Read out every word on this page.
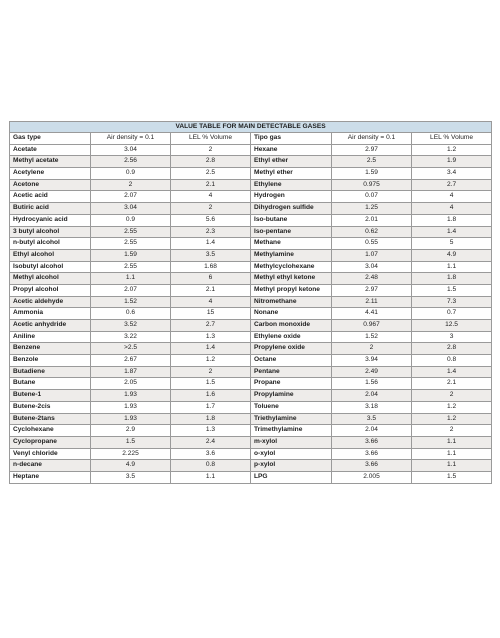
VALUE TABLE FOR MAIN DETECTABLE GASES					
Gas type	Air density = 0.1	LEL % Volume	Tipo gas	Air density = 0.1	LEL % Volume
Acetate	3.04	2	Hexane	2.97	1.2
Methyl acetate	2.56	2.8	Ethyl ether	2.5	1.9
Acetylene	0.9	2.5	Methyl ether	1.59	3.4
Acetone	2	2.1	Ethylene	0.975	2.7
Acetic acid	2.07	4	Hydrogen	0.07	4
Butiric acid	3.04	2	Dihydrogen sulfide	1.25	4
Hydrocyanic acid	0.9	5.6	Iso-butane	2.01	1.8
3 butyl alcohol	2.55	2.3	Iso-pentane	0.62	1.4
n-butyl alcohol	2.55	1.4	Methane	0.55	5
Ethyl alcohol	1.59	3.5	Methylamine	1.07	4.9
Isobutyl alcohol	2.55	1.68	Methylcyclohexane	3.04	1.1
Methyl alcohol	1.1	6	Methyl ethyl ketone	2.48	1.8
Propyl alcohol	2.07	2.1	Methyl propyl ketone	2.97	1.5
Acetic aldehyde	1.52	4	Nitromethane	2.11	7.3
Ammonia	0.6	15	Nonane	4.41	0.7
Acetic anhydride	3.52	2.7	Carbon monoxide	0.967	12.5
Aniline	3.22	1.3	Ethylene oxide	1.52	3
Benzene	>2.5	1.4	Propylene oxide	2	2.8
Benzole	2.67	1.2	Octane	3.94	0.8
Butadiene	1.87	2	Pentane	2.49	1.4
Butane	2.05	1.5	Propane	1.56	2.1
Butene-1	1.93	1.6	Propylamine	2.04	2
Butene-2cis	1.93	1.7	Toluene	3.18	1.2
Butene-2tans	1.93	1.8	Triethylamine	3.5	1.2
Cyclohexane	2.9	1.3	Trimethylamine	2.04	2
Cyclopropane	1.5	2.4	m-xylol	3.66	1.1
Venyl chloride	2.225	3.6	o-xylol	3.66	1.1
n-decane	4.9	0.8	p-xylol	3.66	1.1
Heptane	3.5	1.1	LPG	2.005	1.5
